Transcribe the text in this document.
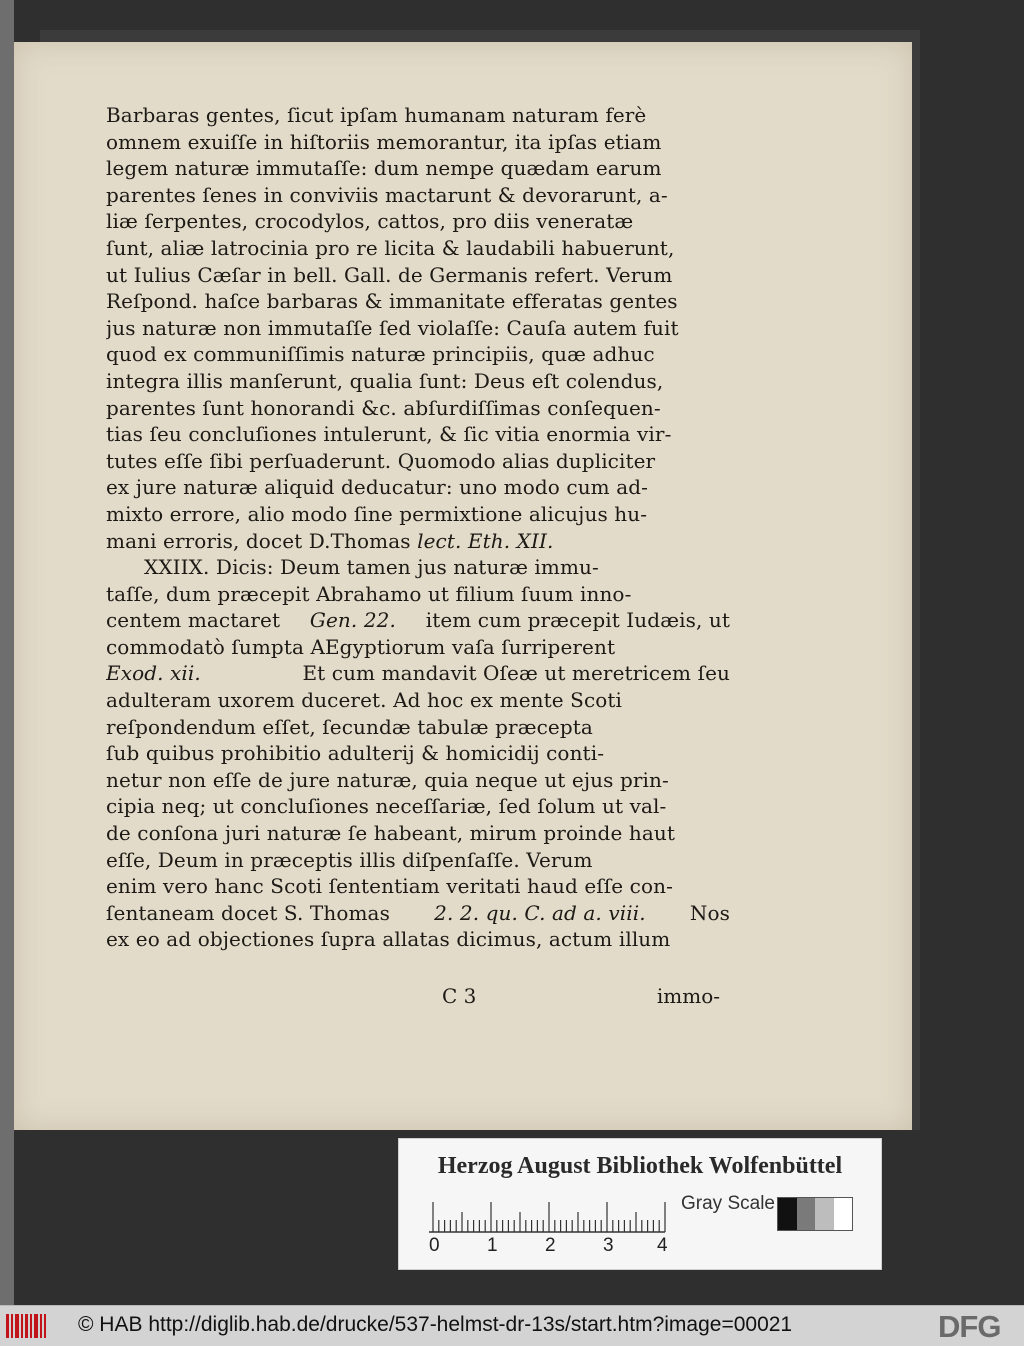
Barbaras gentes, ſicut ipſam humanam naturam ferè
omnem exuiſſe in hiſtoriis memorantur, ita ipſas etiam
legem naturæ immutaſſe: dum nempe quædam earum
parentes ſenes in conviviis mactarunt & devorarunt, a-
liæ ſerpentes, crocodylos, cattos, pro diis veneratæ
ſunt, aliæ latrocinia pro re licita & laudabili habuerunt,
ut Iulius Cæſar in bell. Gall. de Germanis refert. Verum
Reſpond. haſce barbaras & immanitate efferatas gentes
jus naturæ non immutaſſe ſed violaſſe: Cauſa autem fuit
quod ex communiſſimis naturæ principiis, quæ adhuc
integra illis manſerunt, qualia ſunt: Deus eſt colendus,
parentes ſunt honorandi &c. abſurdiſſimas conſequen-
tias ſeu concluſiones intulerunt, & ſic vitia enormia vir-
tutes eſſe ſibi perſuaderunt. Quomodo alias dupliciter
ex jure naturæ aliquid deducatur: uno modo cum ad-
mixto errore, alio modo ſine permixtione alicujus hu-
mani erroris, docet D.Thomas
lect. Eth. XII.
XXIIX. Dicis: Deum tamen jus naturæ immu-
taſſe, dum præcepit Abrahamo ut filium ſuum inno-
centem mactaret Gen. 22. item cum præcepit Iudæis, ut
commodatò ſumpta AEgyptiorum vaſa ſurriperent
Exod. xii.	Et cum mandavit Oſeæ ut meretricem ſeu
adulteram uxorem duceret. Ad hoc ex mente Scoti
reſpondendum eſſet, ſecundæ tabulæ præcepta
ſub quibus prohibitio adulterij & homicidij conti-
netur non eſſe de jure naturæ, quia neque ut ejus prin-
cipia neq; ut concluſiones neceſſariæ, ſed ſolum ut val-
de conſona juri naturæ ſe habeant, mirum proinde haut
eſſe, Deum in præceptis illis diſpenſaſſe. Verum
enim vero hanc Scoti ſententiam veritati haud eſſe con-
ſentaneam docet S. Thomas 2. 2. qu. C. ad a. viii. Nos
ex eo ad objectiones ſupra allatas dicimus, actum illum
C 3	immo-
Herzog August Bibliothek Wolfenbüttel
0 1 2 3 4
Gray Scale
© HAB http://diglib.hab.de/drucke/537-helmst-dr-13s/start.htm?image=00021	DFG
